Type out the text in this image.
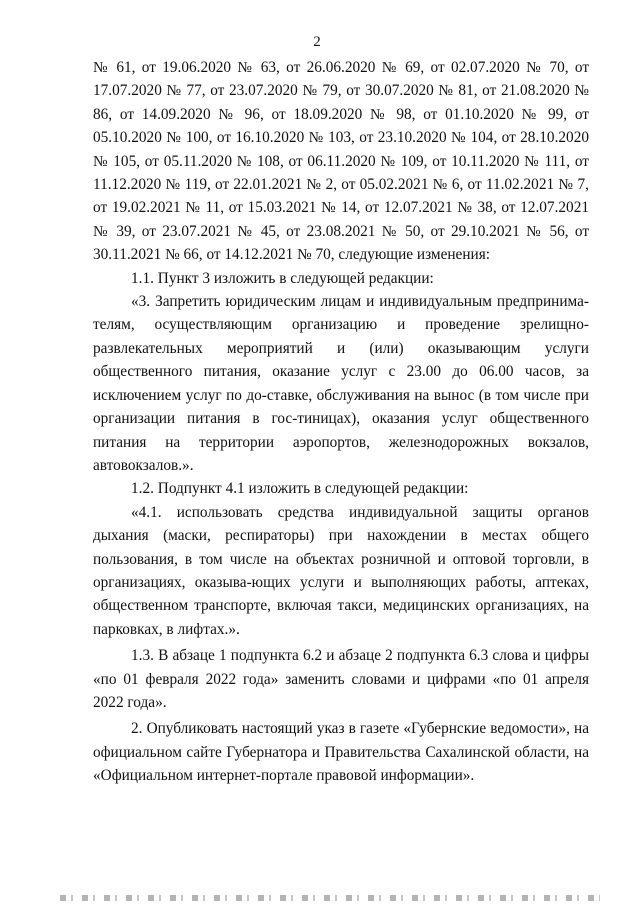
2

№ 61, от 19.06.2020 № 63, от 26.06.2020 № 69, от 02.07.2020 № 70, от 17.07.2020 № 77, от 23.07.2020 № 79, от 30.07.2020 № 81, от 21.08.2020 № 86, от 14.09.2020 № 96, от 18.09.2020 № 98, от 01.10.2020 № 99, от 05.10.2020 № 100, от 16.10.2020 № 103, от 23.10.2020 № 104, от 28.10.2020 № 105, от 05.11.2020 № 108, от 06.11.2020 № 109, от 10.11.2020 № 111, от 11.12.2020 № 119, от 22.01.2021 № 2, от 05.02.2021 № 6, от 11.02.2021 № 7, от 19.02.2021 № 11, от 15.03.2021 № 14, от 12.07.2021 № 38, от 12.07.2021 № 39, от 23.07.2021 № 45, от 23.08.2021 № 50, от 29.10.2021 № 56, от 30.11.2021 № 66, от 14.12.2021 № 70, следующие изменения:

1.1. Пункт 3 изложить в следующей редакции:

«3. Запретить юридическим лицам и индивидуальным предпринима-телям, осуществляющим организацию и проведение зрелищно-развлекательных мероприятий и (или) оказывающим услуги общественного питания, оказание услуг с 23.00 до 06.00 часов, за исключением услуг по до-ставке, обслуживания на вынос (в том числе при организации питания в гос-тиницах), оказания услуг общественного питания на территории аэропортов, железнодорожных вокзалов, автовокзалов.».

1.2. Подпункт 4.1 изложить в следующей редакции:

«4.1. использовать средства индивидуальной защиты органов дыхания (маски, респираторы) при нахождении в местах общего пользования, в том числе на объектах розничной и оптовой торговли, в организациях, оказыва-ющих услуги и выполняющих работы, аптеках, общественном транспорте, включая такси, медицинских организациях, на парковках, в лифтах.».

1.3. В абзаце 1 подпункта 6.2 и абзаце 2 подпункта 6.3 слова и цифры «по 01 февраля 2022 года» заменить словами и цифрами «по 01 апреля 2022 года».

2. Опубликовать настоящий указ в газете «Губернские ведомости», на официальном сайте Губернатора и Правительства Сахалинской области, на «Официальном интернет-портале правовой информации».
